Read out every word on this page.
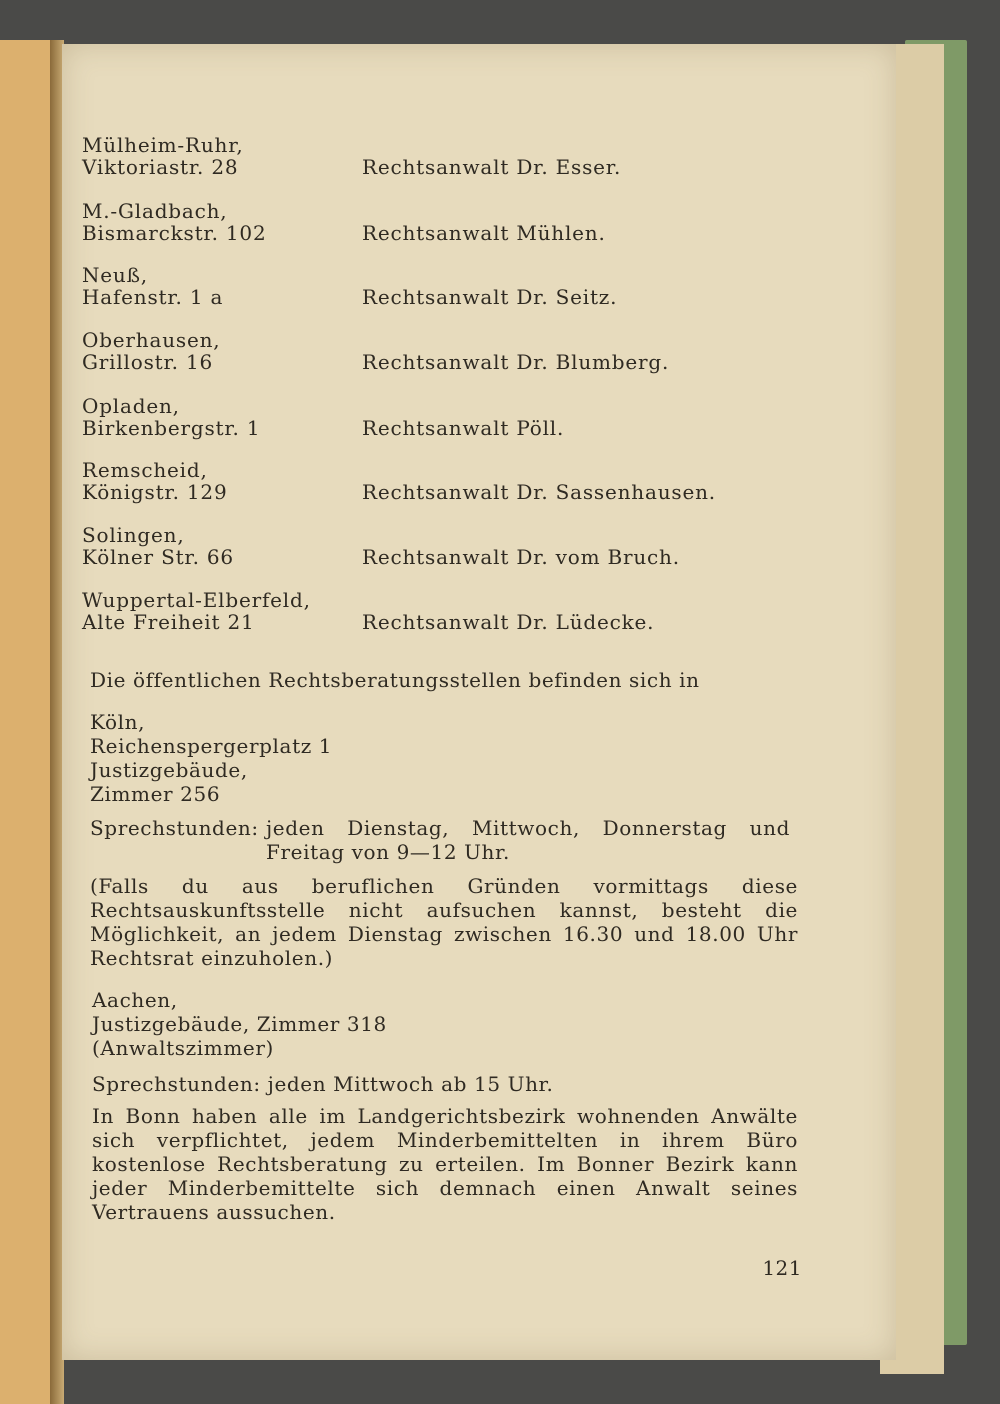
Mülheim-Ruhr,
Viktoriastr. 28	Rechtsanwalt Dr. Esser.
M.-Gladbach,
Bismarckstr. 102	Rechtsanwalt Mühlen.
Neuß,
Hafenstr. 1 a	Rechtsanwalt Dr. Seitz.
Oberhausen,
Grillostr. 16	Rechtsanwalt Dr. Blumberg.
Opladen,
Birkenbergstr. 1	Rechtsanwalt Pöll.
Remscheid,
Königstr. 129	Rechtsanwalt Dr. Sassenhausen.
Solingen,
Kölner Str. 66	Rechtsanwalt Dr. vom Bruch.
Wuppertal-Elberfeld,
Alte Freiheit 21	Rechtsanwalt Dr. Lüdecke.
Die öffentlichen Rechtsberatungsstellen befinden sich in
Köln,
Reichenspergerplatz 1
Justizgebäude,
Zimmer 256
Sprechstunden: jeden Dienstag, Mittwoch, Donnerstag und
Freitag von 9—12 Uhr.
(Falls du aus beruflichen Gründen vormittags diese Rechtsauskunftsstelle nicht aufsuchen kannst, besteht die Möglichkeit, an jedem Dienstag zwischen 16.30 und 18.00 Uhr Rechtsrat einzuholen.)
Aachen,
Justizgebäude, Zimmer 318
(Anwaltszimmer)
Sprechstunden: jeden Mittwoch ab 15 Uhr.
In Bonn haben alle im Landgerichtsbezirk wohnenden Anwälte sich verpflichtet, jedem Minderbemittelten in ihrem Büro kostenlose Rechtsberatung zu erteilen. Im Bonner Bezirk kann jeder Minderbemittelte sich demnach einen Anwalt seines Vertrauens aussuchen.
121
